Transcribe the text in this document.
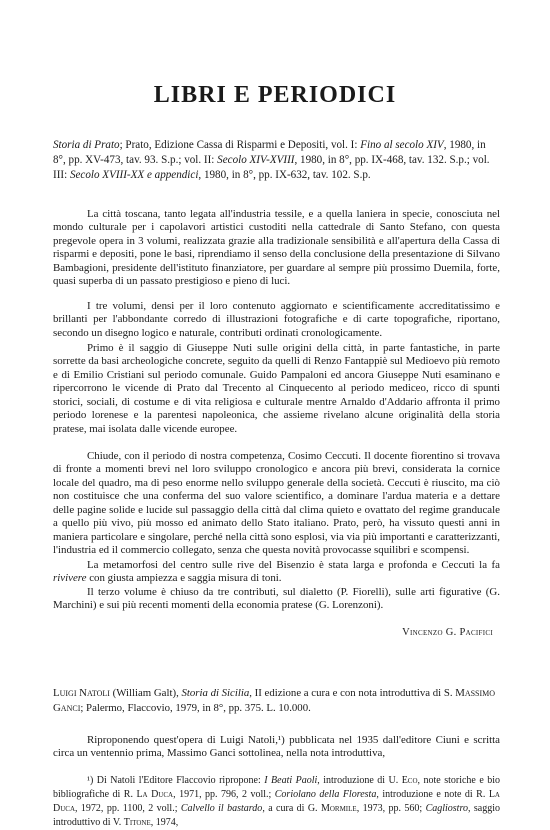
LIBRI E PERIODICI
Storia di Prato; Prato, Edizione Cassa di Risparmi e Depositi, vol. I: Fino al secolo XIV, 1980, in 8°, pp. XV-473, tav. 93. S.p.; vol. II: Secolo XIV-XVIII, 1980, in 8°, pp. IX-468, tav. 132. S.p.; vol. III: Secolo XVIII-XX e appendici, 1980, in 8°, pp. IX-632, tav. 102. S.p.

La città toscana, tanto legata all'industria tessile, e a quella laniera in specie, conosciuta nel mondo culturale per i capolavori artistici custoditi nella cattedrale di Santo Stefano, con questa pregevole opera in 3 volumi, realizzata grazie alla tradizionale sensibilità e all'apertura della Cassa di risparmi e depositi, pone le basi, riprendiamo il senso della conclusione della presentazione di Silvano Bambagioni, presidente dell'istituto finanziatore, per guardare al sempre più prossimo Duemila, forte, quasi superba di un passato prestigioso e pieno di luci.

I tre volumi, densi per il loro contenuto aggiornato e scientificamente accreditatissimo e brillanti per l'abbondante corredo di illustrazioni fotografiche e di carte topografiche, riportano, secondo un disegno logico e naturale, contributi ordinati cronologicamente.

Primo è il saggio di Giuseppe Nuti sulle origini della città, in parte fantastiche, in parte sorrette da basi archeologiche concrete, seguito da quelli di Renzo Fantappiè sul Medioevo più remoto e di Emilio Cristiani sul periodo comunale. Guido Pampaloni ed ancora Giuseppe Nuti esaminano e ripercorrono le vicende di Prato dal Trecento al Cinquecento al periodo mediceo, ricco di spunti storici, sociali, di costume e di vita religiosa e culturale mentre Arnaldo d'Addario affronta il primo periodo lorenese e la parentesi napoleonica, che assieme rivelano alcune originalità della storia pratese, mai isolata dalle vicende europee.

Chiude, con il periodo di nostra competenza, Cosimo Ceccuti. Il docente fiorentino si trovava di fronte a momenti brevi nel loro sviluppo cronologico e ancora più brevi, considerata la cornice locale del quadro, ma di peso enorme nello sviluppo generale della società. Ceccuti è riuscito, ma ciò non costituisce che una conferma del suo valore scientifico, a dominare l'ardua materia e a dettare delle pagine solide e lucide sul passaggio della città dal clima quieto e ovattato del regime granducale a quello più vivo, più mosso ed animato dello Stato italiano. Prato, però, ha vissuto questi anni in maniera particolare e singolare, perché nella città sono esplosi, via via più importanti e caratterizzanti, l'industria ed il commercio collegato, senza che questa novità provocasse squilibri e scompensi.

La metamorfosi del centro sulle rive del Bisenzio è stata larga e profonda e Ceccuti la fa rivivere con giusta ampiezza e saggia misura di toni.

Il terzo volume è chiuso da tre contributi, sul dialetto (P. Fiorelli), sulle arti figurative (G. Marchini) e sui più recenti momenti della economia pratese (G. Lorenzoni).

Vincenzo G. Pacifici
Luigi Natoli (William Galt), Storia di Sicilia, II edizione a cura e con nota introduttiva di S. Massimo Ganci; Palermo, Flaccovio, 1979, in 8°, pp. 375. L. 10.000.

Riproponendo quest'opera di Luigi Natoli,¹) pubblicata nel 1935 dall'editore Ciuni e scritta circa un ventennio prima, Massimo Ganci sottolinea, nella nota introduttiva,

¹) Di Natoli l'Editore Flaccovio ripropone: I Beati Paoli, introduzione di U. Eco, note storiche e bio bibliografiche di R. La Duca, 1971, pp. 796, 2 voll.; Coriolano della Floresta, introduzione e note di R. La Duca, 1972, pp. 1100, 2 voll.; Calvello il bastardo, a cura di G. Mormile, 1973, pp. 560; Cagliostro, saggio introduttivo di V. Titone, 1974,
